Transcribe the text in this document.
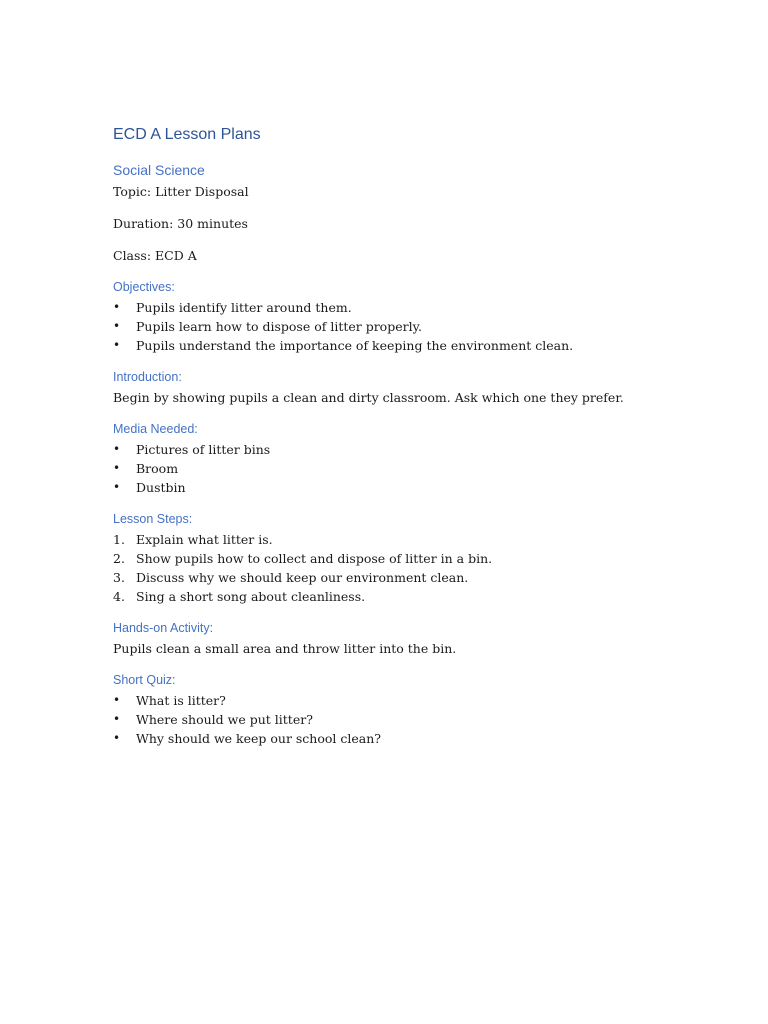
ECD A Lesson Plans
Social Science
Topic: Litter Disposal
Duration: 30 minutes
Class: ECD A
Objectives:
•	Pupils identify litter around them.
•	Pupils learn how to dispose of litter properly.
•	Pupils understand the importance of keeping the environment clean.
Introduction:
Begin by showing pupils a clean and dirty classroom. Ask which one they prefer.
Media Needed:
•	Pictures of litter bins
•	Broom
•	Dustbin
Lesson Steps:
1. Explain what litter is.
2. Show pupils how to collect and dispose of litter in a bin.
3. Discuss why we should keep our environment clean.
4. Sing a short song about cleanliness.
Hands-on Activity:
Pupils clean a small area and throw litter into the bin.
Short Quiz:
•	What is litter?
•	Where should we put litter?
•	Why should we keep our school clean?
